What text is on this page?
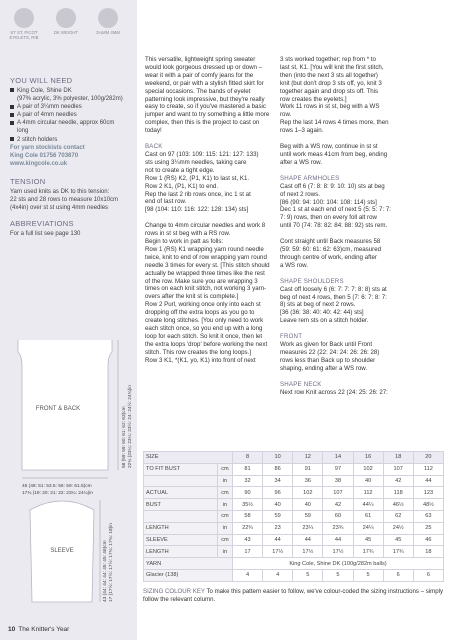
ST ST, PICOT EYELETS, RIB
DK WEIGHT	3¼MM 4MM
YOU WILL NEED
King Cole, Shine DK
(97% acrylic, 3% polyester, 100g/282m)
A pair of 3¼mm needles
A pair of 4mm needles
A 4mm circular needle, approx 60cm
long
2 stitch holders
For yarn stockists contact
King Cole 01756 703670
www.kingcole.co.uk
TENSION
Yarn used knits as DK to this tension:
22 sts and 28 rows to measure 10x10cm
(4x4in) over st st using 4mm needles
ABBREVIATIONS
For a full list see page 130
FRONT & BACK
SLEEVE
58 (59: 59: 60: 61: 62: 63)cm 22¾ (23¼: 23¼: 23½: 24: 24½: 24¾)in
45 (48: 51: 53.5: 56: 59: 61.5)cm
17¾ (19: 20: 21: 22: 23¼: 24¼)in
43 (44: 44: 44: 45: 45: 46)cm 17 (17½: 17½: 17½: 17¾: 17¾: 18)in

This versatile, lightweight spring sweater would look gorgeous dressed up or down – wear it with a pair of comfy jeans for the weekend, or pair with a stylish fitted skirt for special occasions. The bands of eyelet patterning look impressive, but they're really easy to create, so if you've mastered a basic jumper and want to try something a little more complex, then this is the project to cast on today!

BACK

Cast on 97 (103: 109: 115: 121: 127: 133)

sts using 3¼mm needles, taking care

not to create a tight edge.

Row 1 (RS) K2, (P1, K1) to last st, K1.

Row 2 K1, (P1, K1) to end.

Rep the last 2 rib rows once, inc 1 st at

end of last row.

[98 (104: 110: 116: 122: 128: 134) sts]

Change to 4mm circular needles and work 8 rows in st st beg with a RS row.

Begin to work in patt as folls:

Row 1 (RS) K1 wrapping yarn round needle twice, knit to end of row wrapping yarn round needle 3 times for every st. [This stitch should actually be wrapped three times like the rest of the row. Make sure you are wrapping 3 times on each knit stitch, not working 3 yarn-overs after the knit st is complete.]

Row 2 Purl, working once only into each st dropping off the extra loops as you go to create long stitches. [You only need to work each stitch once, so you end up with a long loop for each stitch. So knit it once, then let the extra loops 'drop' before working the next stitch. This row creates the long loops.]

Row 3 K1, *(K1, yo, K1) into front of next

3 sts worked together; rep from * to

last st, K1. [You will knit the first stitch,

then (into the next 3 sts all together)

knit (but don't drop 3 sts off, yo, knit 3

together again and drop sts off. This

row creates the eyelets.]

Work 11 rows in st st, beg with a WS

row.

Rep the last 14 rows 4 times more, then

rows 1–3 again.

Beg with a WS row, continue in st st

until work meas 41cm from beg, ending

after a WS row.

SHAPE ARMHOLES

Cast off 6 (7: 8: 8: 9: 10: 10) sts at beg

of next 2 rows.

[86 (90: 94: 100: 104: 108: 114) sts]

Dec 1 st at each end of next 5 (5: 5: 7: 7:

7: 9) rows, then on every foll alt row

until 70 (74: 78: 82: 84: 88: 92) sts rem.

Cont straight until Back measures 58

(59: 59: 60: 61: 62: 63)cm, measured

through centre of work, ending after

a WS row.

SHAPE SHOULDERS

Cast off loosely 6 (6: 7: 7: 7: 8: 8) sts at

beg of next 4 rows, then 5 (7: 6: 7: 8: 7:

8) sts at beg of next 2 rows.

[36 (36: 38: 40: 40: 42: 44) sts]

Leave rem sts on a stitch holder.

FRONT

Work as given for Back until Front

measures 22 (22: 24: 24: 26: 26: 28)

rows less than Back up to shoulder

shaping, ending after a WS row.

SHAPE NECK

Next row Knit across 22 (24: 25: 26: 27:

SIZE		8	10	12	14	16	18	20
TO FIT BUST	cm	81	86	91	97	102	107	112
	in	32	34	36	38	40	42	44
ACTUAL	cm	90	96	102	107	112	118	123
BUST	in	35½	40	40	42	44¼	46½	48½
	cm	58	59	59	60	61	62	63
LENGTH	in	22¾	23	23¼	23¾	24¼	24½	25
SLEEVE	cm	43	44	44	44	45	45	46
LENGTH	in	17	17½	17½	17½	17¾	17¾	18
YARN		King Cole, Shine DK (100g/282m balls)						
Glacier (138)		4	4	5	5	5	6	6
SIZING COLOUR KEY To make this pattern easier to follow, we've colour-coded the sizing instructions – simply follow the relevant column.
10 The Knitter's Year
